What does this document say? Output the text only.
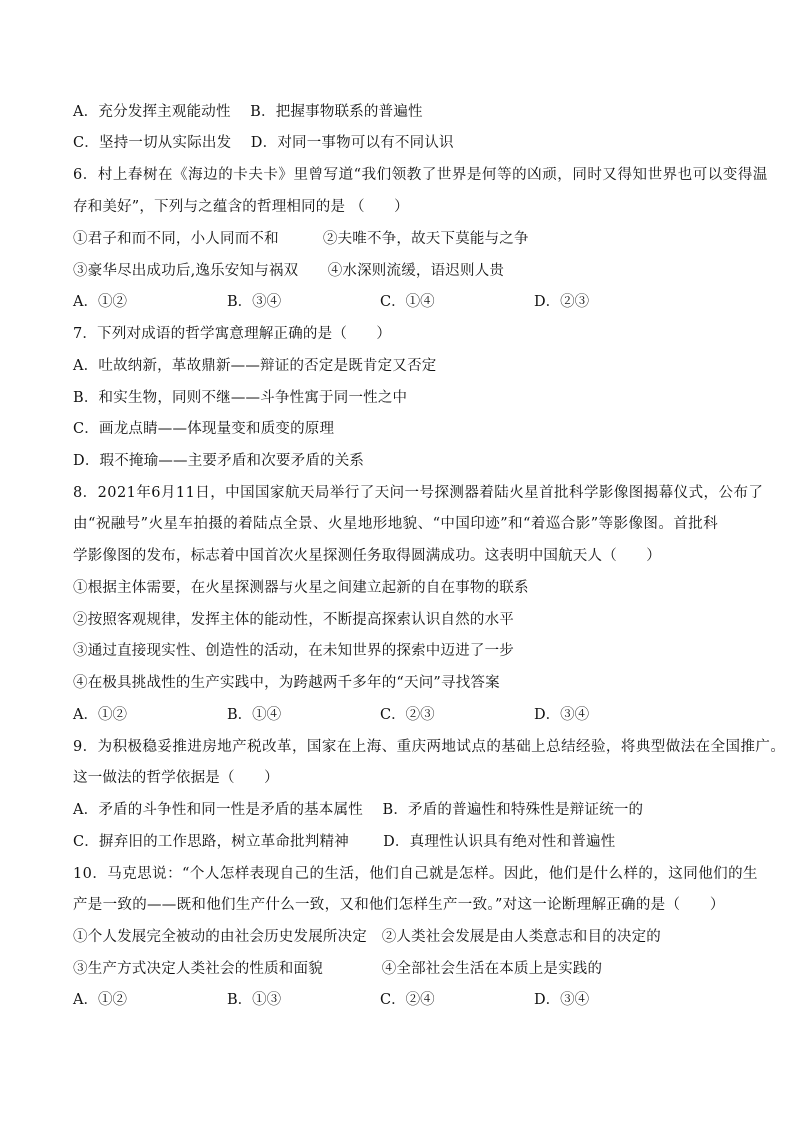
A．充分发挥主观能动性　 B．把握事物联系的普遍性
C．坚持一切从实际出发　 D．对同一事物可以有不同认识
6．村上春树在《海边的卡夫卡》里曾写道“我们领教了世界是何等的凶顽，同时又得知世界也可以变得温
存和美好”，下列与之蕴含的哲理相同的是 （　　）
①君子和而不同，小人同而不和　　　②夫唯不争，故天下莫能与之争
③豪华尽出成功后,逸乐安知与祸双　　④水深则流缓，语迟则人贵
A．①②	B．③④	C．①④	D．②③
7．下列对成语的哲学寓意理解正确的是（　　）
A．吐故纳新，革故鼎新——辩证的否定是既肯定又否定
B．和实生物，同则不继——斗争性寓于同一性之中
C．画龙点睛——体现量变和质变的原理
D．瑕不掩瑜——主要矛盾和次要矛盾的关系
8．2021年6月11日，中国国家航天局举行了天问一号探测器着陆火星首批科学影像图揭幕仪式，公布了
由“祝融号”火星车拍摄的着陆点全景、火星地形地貌、“中国印迹”和“着巡合影”等影像图。首批科
学影像图的发布，标志着中国首次火星探测任务取得圆满成功。这表明中国航天人（　　）
①根据主体需要，在火星探测器与火星之间建立起新的自在事物的联系
②按照客观规律，发挥主体的能动性，不断提高探索认识自然的水平
③通过直接现实性、创造性的活动，在未知世界的探索中迈进了一步
④在极具挑战性的生产实践中，为跨越两千多年的“天问”寻找答案
A．①②	B．①④	C．②③	D．③④
9．为积极稳妥推进房地产税改革，国家在上海、重庆两地试点的基础上总结经验，将典型做法在全国推广。
这一做法的哲学依据是（　　）
A．矛盾的斗争性和同一性是矛盾的基本属性　 B．矛盾的普遍性和特殊性是辩证统一的
C．摒弃旧的工作思路，树立革命批判精神　　 D．真理性认识具有绝对性和普遍性
10．马克思说：“个人怎样表现自己的生活，他们自己就是怎样。因此，他们是什么样的，这同他们的生
产是一致的——既和他们生产什么一致，又和他们怎样生产一致。”对这一论断理解正确的是（　　）
①个人发展完全被动的由社会历史发展所决定　②人类社会发展是由人类意志和目的决定的
③生产方式决定人类社会的性质和面貌　　　　④全部社会生活在本质上是实践的
A．①②	B．①③	C．②④	D．③④
